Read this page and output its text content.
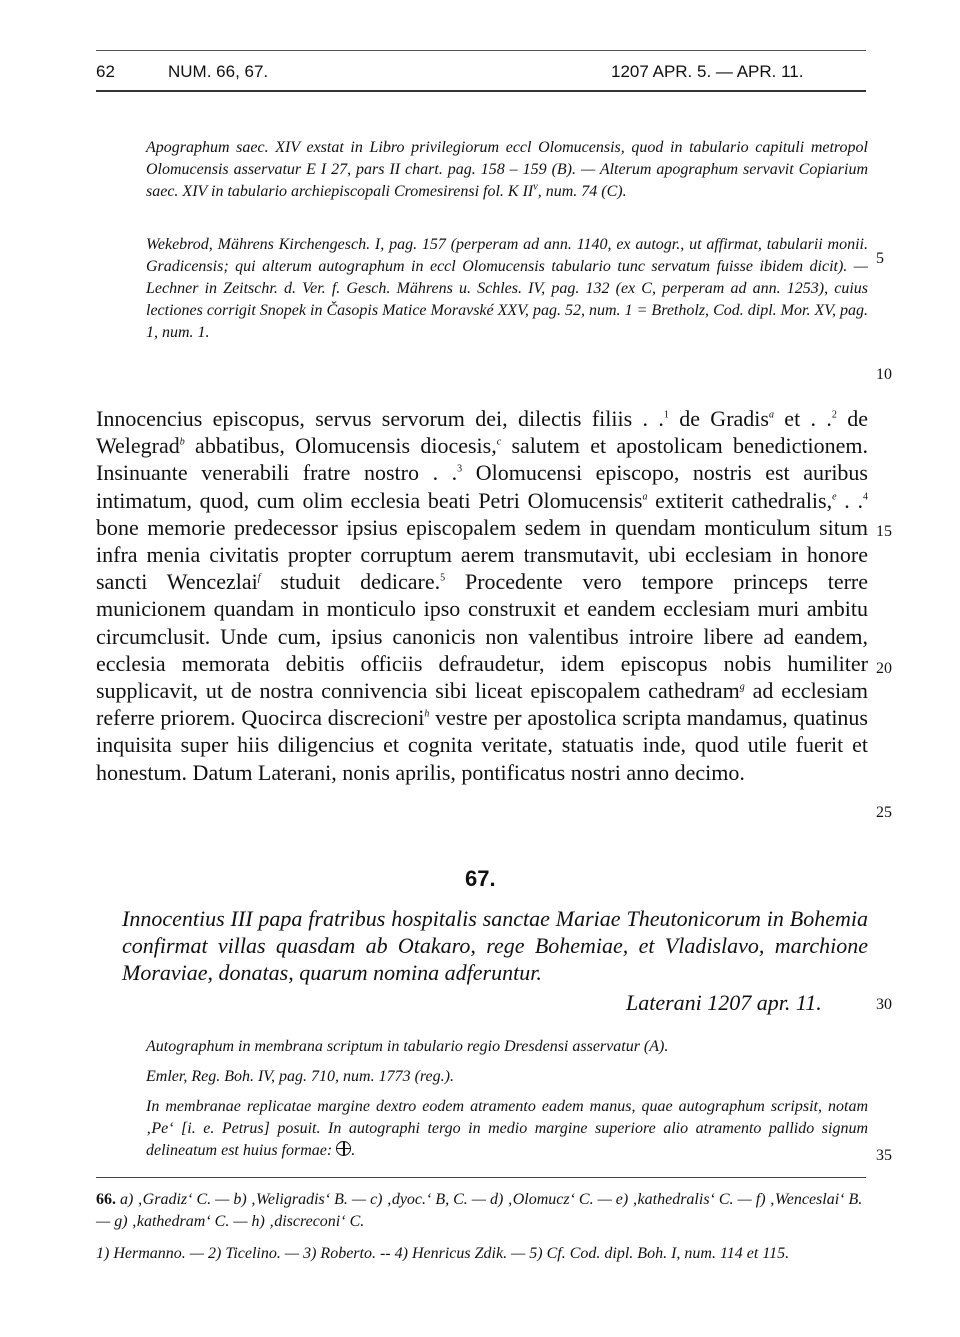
62	NUM. 66, 67.	1207 APR. 5. — APR. 11.

Apographum saec. XIV exstat in Libro privilegiorum eccl Olomucensis, quod in tabulario capituli metropol Olomucensis asservatur E I 27, pars II chart. pag. 158 – 159 (B). — Alterum apographum servavit Copiarium saec. XIV in tabulario archiepiscopali Cromesirensi fol. K $II^v$, num. 74 (C).

Wekebrod, Mährens Kirchengesch. I, pag. 157 (perperam ad ann. 1140, ex autogr., ut affirmat, tabularii monii. Gradicensis; qui alterum autographum in eccl Olomucensis tabulario tunc servatum fuisse ibidem dicit). — Lechner in Zeitschr. d. Ver. f. Gesch. Mährens u. Schles. IV, pag. 132 (ex C, perperam ad ann. 1253), cuius lectiones corrigit Snopek in Časopis Matice Moravské XXV, pag. 52, num. 1 = Bretholz, Cod. dipl. Mor. XV, pag. 1, num. 1.

5
10

Innocencius episcopus, servus servorum dei, dilectis filiis . .$^1$ de Gradis$^a$ et . .$^2$ de Welegrad$^b$ abbatibus, Olomucensis diocesis,$^c$ salutem et apostolicam benedictionem. Insinuante venerabili fratre nostro . .$^3$ Olomucensi episcopo, nostris est auribus intimatum, quod, cum olim ecclesia beati Petri Olomucensis$^a$ extiterit cathedralis,$^e$ . .$^4$ bone memorie predecessor ipsius episcopalem sedem in quendam monticulum situm infra menia civitatis propter corruptum aerem transmutavit, ubi ecclesiam in honore sancti Wencezlai$^f$ studuit dedicare.$^5$ Procedente vero tempore princeps terre municionem quandam in monticulo ipso construxit et eandem ecclesiam muri ambitu circumclusit. Unde cum, ipsius canonicis non valentibus introire libere ad eandem, ecclesia memorata debitis officiis defraudetur, idem episcopus nobis humiliter supplicavit, ut de nostra connivencia sibi liceat episcopalem cathedram$^g$ ad ecclesiam referre priorem. Quocirca discrecioni$^h$ vestre per apostolica scripta mandamus, quatinus inquisita super hiis diligencius et cognita veritate, statuatis inde, quod utile fuerit et honestum. Datum Laterani, nonis aprilis, pontificatus nostri anno decimo.

15
20
25
67.
Innocentius III papa fratribus hospitalis sanctae Mariae Theutonicorum in Bohemia confirmat villas quasdam ab Otakaro, rege Bohemiae, et Vladislavo, marchione Moraviae, donatas, quarum nomina adferuntur.
Laterani 1207 apr. 11.	30

Autographum in membrana scriptum in tabulario regio Dresdensi asservatur (A).

Emler, Reg. Boh. IV, pag. 710, num. 1773 (reg.).

In membranae replicatae margine dextro eodem atramento eadem manus, quae autographum scripsit, notam ‚Pe‘ [i. e. Petrus] posuit. In autographi tergo in medio margine superiore alio atramento pallido signum delineatum est huius formae: .	35

66. a) ‚Gradiz‘ C. — b) ‚Weligradis‘ B. — c) ‚dyoc.‘ B, C. — d) ‚Olomucz‘ C. — e) ‚kathedralis‘ C. — f) ‚Wenceslai‘ B. — g) ‚kathedram‘ C. — h) ‚discreconi‘ C.

1) Hermanno. — 2) Ticelino. — 3) Roberto. -- 4) Henricus Zdik. — 5) Cf. Cod. dipl. Boh. I, num. 114 et 115.
